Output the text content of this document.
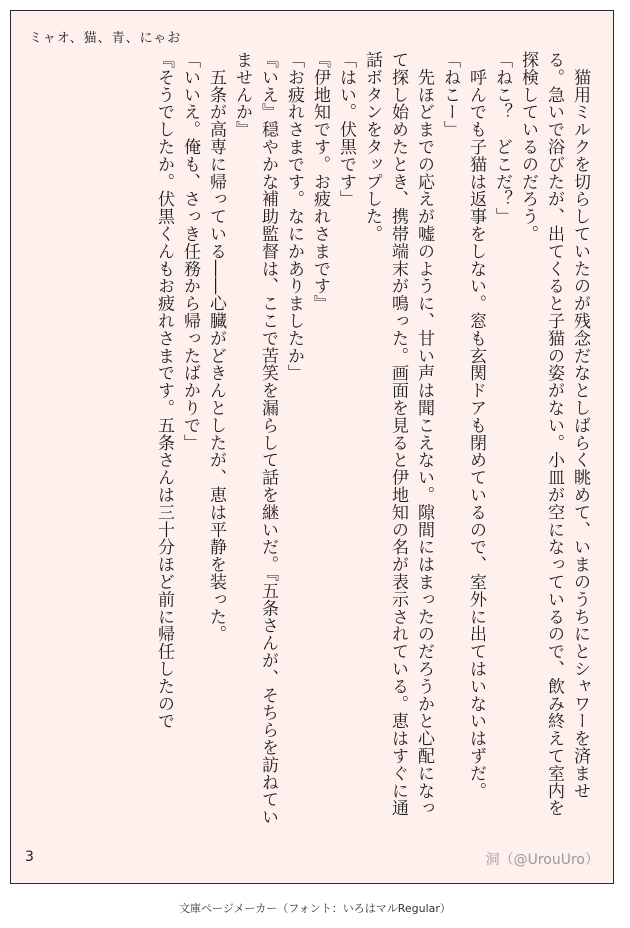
ミャオ、猫、青、にゃお

　猫用ミルクを切らしていたのが残念だなとしばらく眺めて、いまのうちにとシャワーを済ませる。急いで浴びたが、出てくると子猫の姿がない。小皿が空になっているので、飲み終えて室内を探検しているのだろう。

「ねこ？　どこだ？」

　呼んでも子猫は返事をしない。窓も玄関ドアも閉めているので、室外に出てはいないはずだ。

「ねこー」

　先ほどまでの応えが嘘のように、甘い声は聞こえない。隙間にはまったのだろうかと心配になって探し始めたとき、携帯端末が鳴った。画面を見ると伊地知の名が表示されている。恵はすぐに通話ボタンをタップした。

「はい。伏黒です」

『伊地知です。お疲れさまです』

「お疲れさまです。なにかありましたか」

『いえ』穏やかな補助監督は、ここで苦笑を漏らして話を継いだ。『五条さんが、そちらを訪ねていませんか』

　五条が高専に帰っている――心臓がどきんとしたが、恵は平静を装った。

「いいえ。俺も、さっき任務から帰ったばかりで」

『そうでしたか。伏黒くんもお疲れさまです。五条さんは三十分ほど前に帰任したので

3	洞（@UrouUro）
文庫ページメーカー（フォント：いろはマルRegular）
